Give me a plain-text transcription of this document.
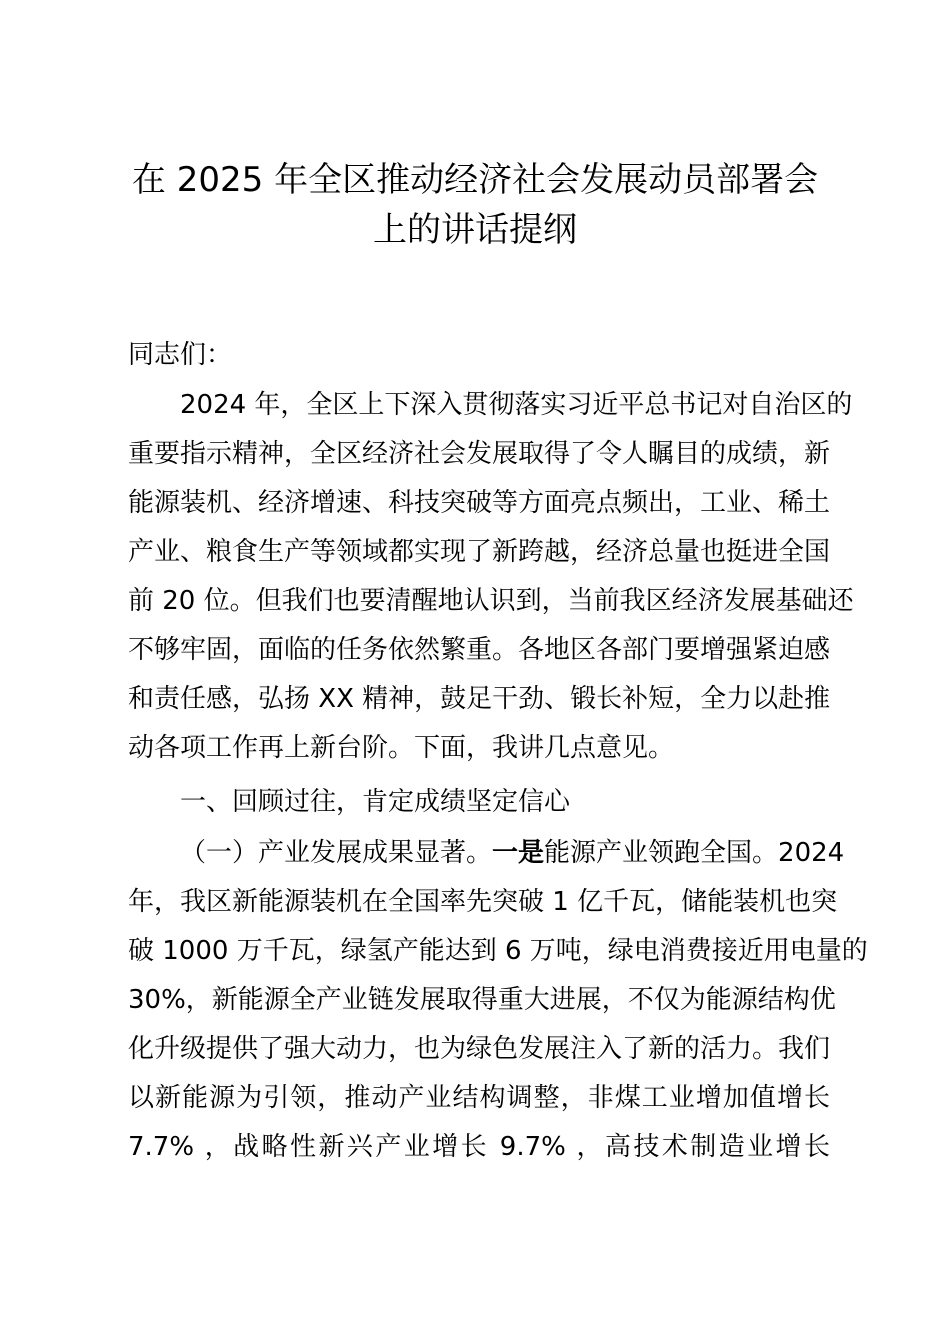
在 2025 年全区推动经济社会发展动员部署会
上的讲话提纲
同志们：
2024 年，全区上下深入贯彻落实习近平总书记对自治区的
重要指示精神，全区经济社会发展取得了令人瞩目的成绩，新
能源装机、经济增速、科技突破等方面亮点频出，工业、稀土
产业、粮食生产等领域都实现了新跨越，经济总量也挺进全国
前 20 位。但我们也要清醒地认识到，当前我区经济发展基础还
不够牢固，面临的任务依然繁重。各地区各部门要增强紧迫感
和责任感，弘扬 XX 精神，鼓足干劲、锻长补短，全力以赴推
动各项工作再上新台阶。下面，我讲几点意见。
一、回顾过往，肯定成绩坚定信心
（一）产业发展成果显著。一是能源产业领跑全国。2024
年，我区新能源装机在全国率先突破 1 亿千瓦，储能装机也突
破 1000 万千瓦，绿氢产能达到 6 万吨，绿电消费接近用电量的
30%，新能源全产业链发展取得重大进展，不仅为能源结构优
化升级提供了强大动力，也为绿色发展注入了新的活力。我们
以新能源为引领，推动产业结构调整，非煤工业增加值增长
7.7% ，战略性新兴产业增长 9.7% ，高技术制造业增长
